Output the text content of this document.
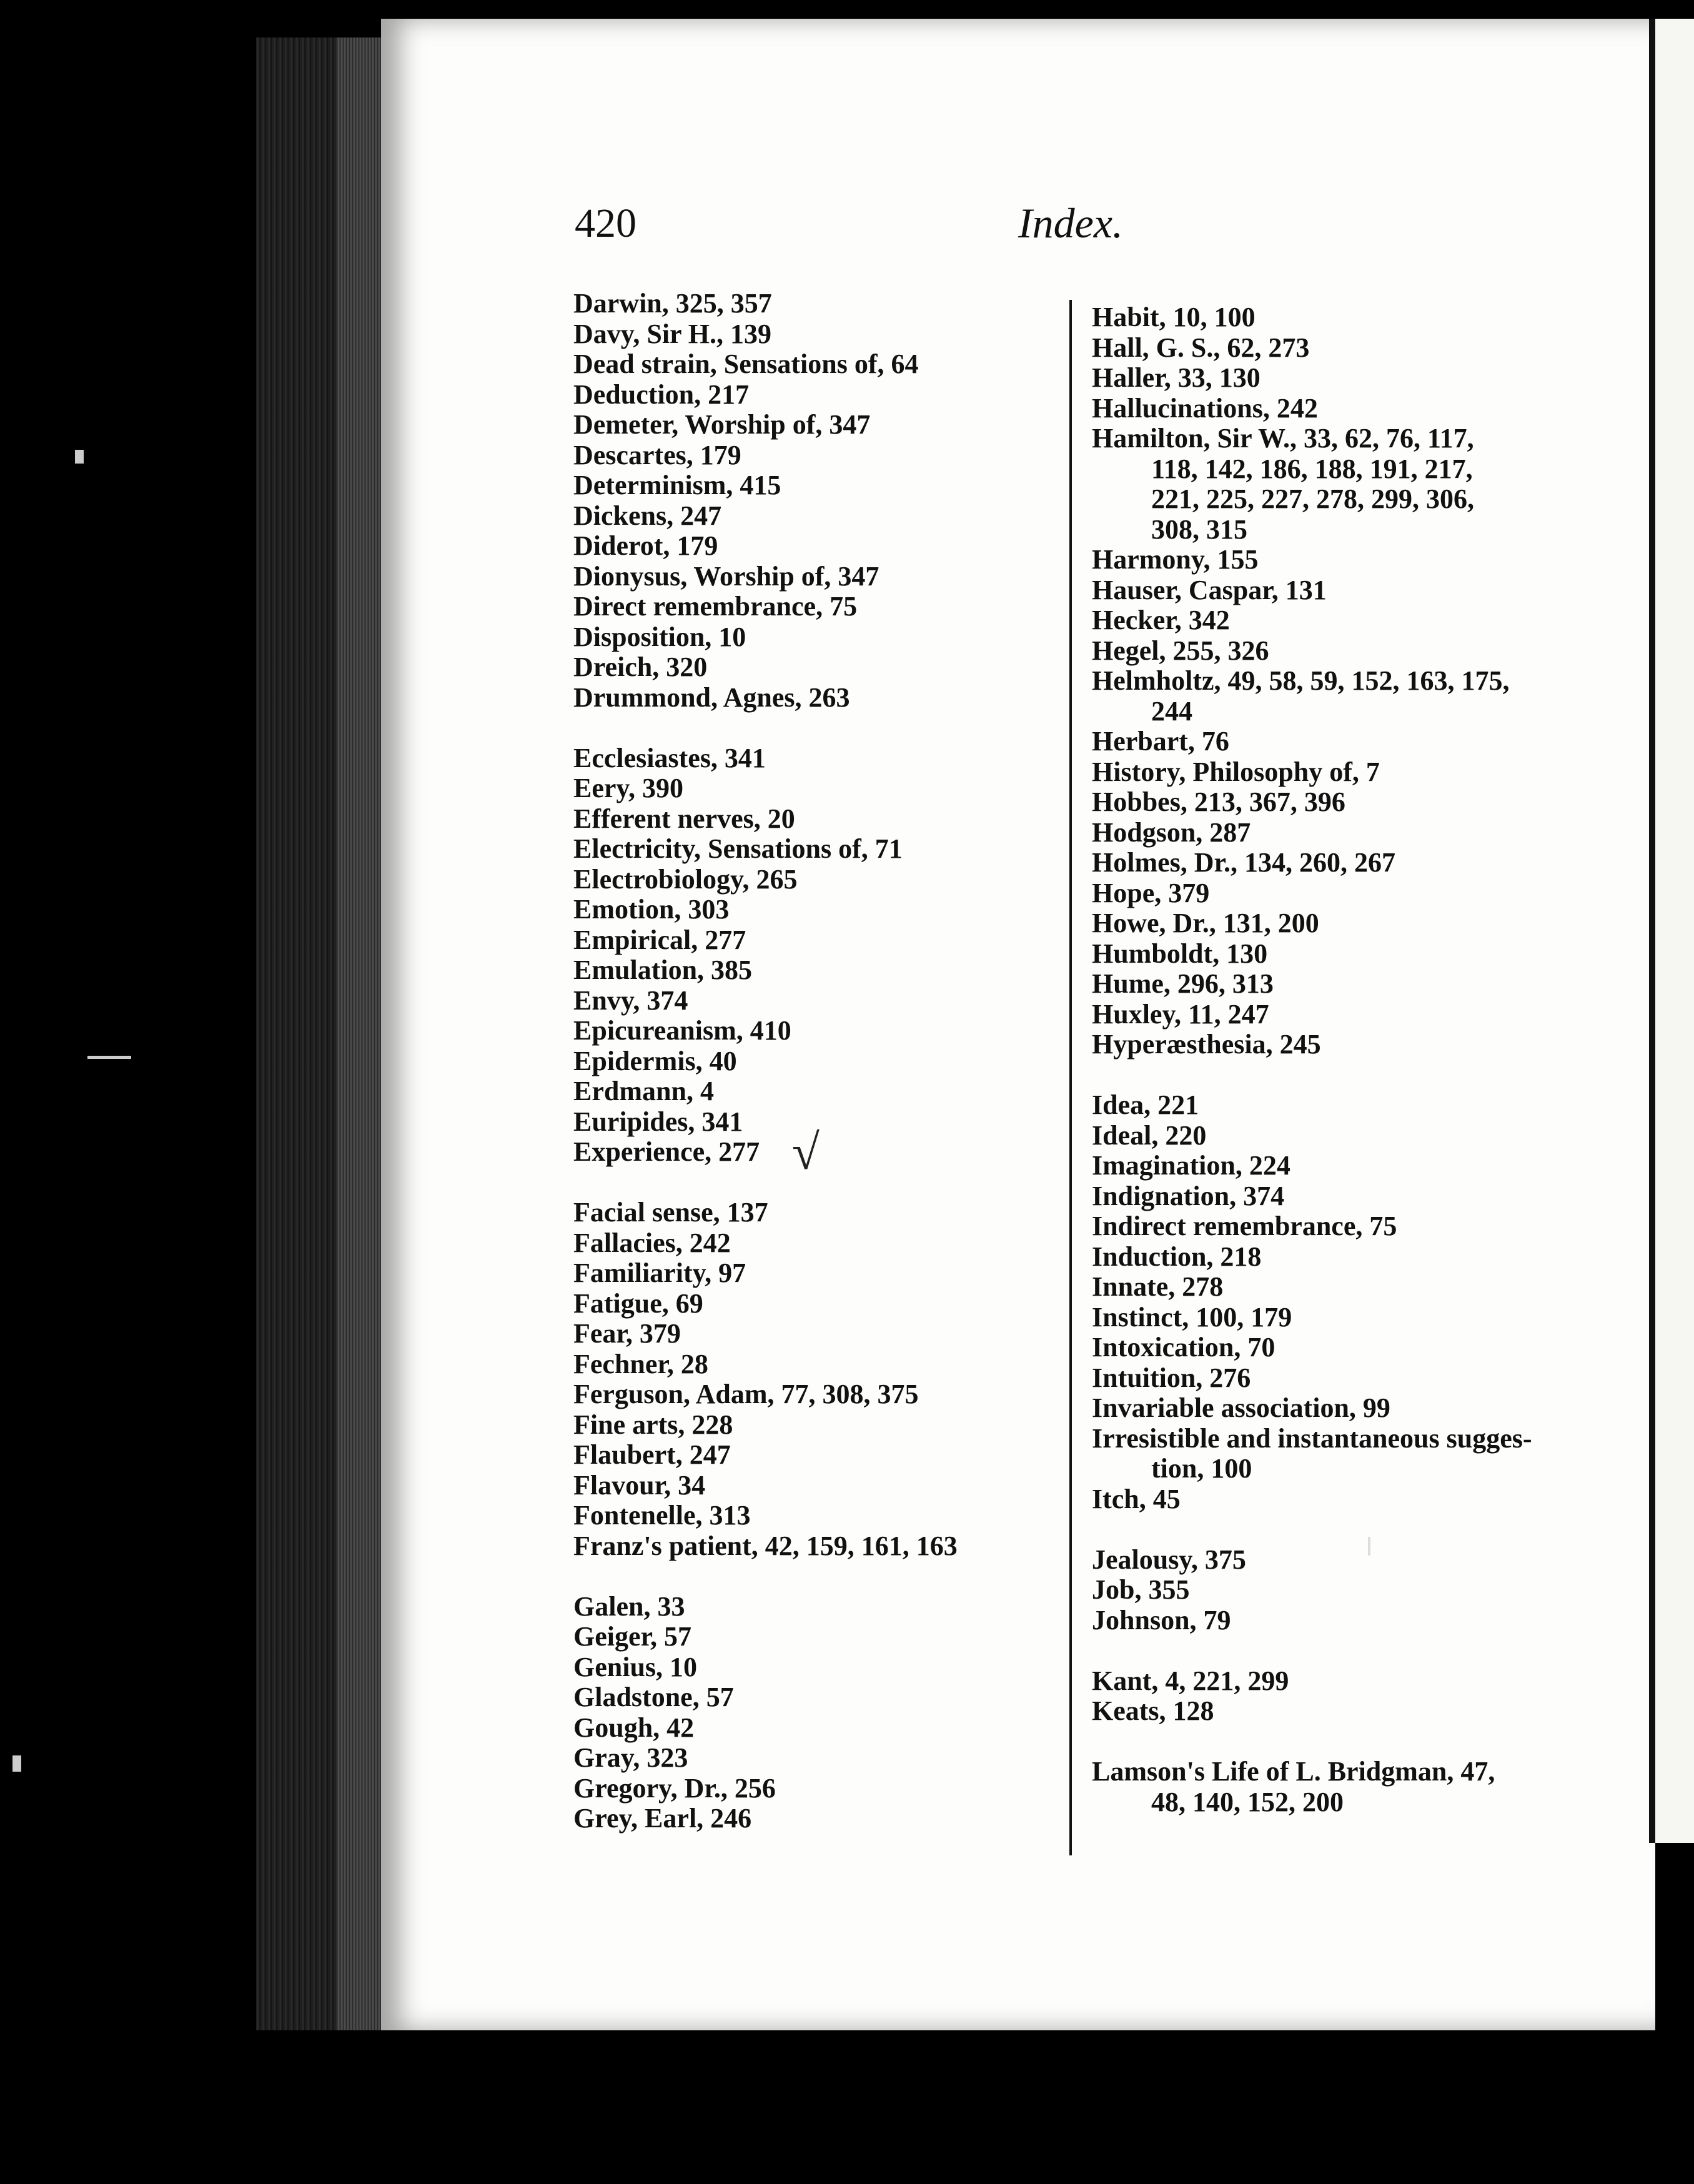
420	Index.
Darwin, 325, 357
Davy, Sir H., 139
Dead strain, Sensations of, 64
Deduction, 217
Demeter, Worship of, 347
Descartes, 179
Determinism, 415
Dickens, 247
Diderot, 179
Dionysus, Worship of, 347
Direct remembrance, 75
Disposition, 10
Dreich, 320
Drummond, Agnes, 263
Ecclesiastes, 341
Eery, 390
Efferent nerves, 20
Electricity, Sensations of, 71
Electrobiology, 265
Emotion, 303
Empirical, 277
Emulation, 385
Envy, 374
Epicureanism, 410
Epidermis, 40
Erdmann, 4
Euripides, 341
Experience, 277
Facial sense, 137
Fallacies, 242
Familiarity, 97
Fatigue, 69
Fear, 379
Fechner, 28
Ferguson, Adam, 77, 308, 375
Fine arts, 228
Flaubert, 247
Flavour, 34
Fontenelle, 313
Franz's patient, 42, 159, 161, 163
Galen, 33
Geiger, 57
Genius, 10
Gladstone, 57
Gough, 42
Gray, 323
Gregory, Dr., 256
Grey, Earl, 246
Habit, 10, 100
Hall, G. S., 62, 273
Haller, 33, 130
Hallucinations, 242
Hamilton, Sir W., 33, 62, 76, 117,
118, 142, 186, 188, 191, 217,
221, 225, 227, 278, 299, 306,
308, 315
Harmony, 155
Hauser, Caspar, 131
Hecker, 342
Hegel, 255, 326
Helmholtz, 49, 58, 59, 152, 163, 175,
244
Herbart, 76
History, Philosophy of, 7
Hobbes, 213, 367, 396
Hodgson, 287
Holmes, Dr., 134, 260, 267
Hope, 379
Howe, Dr., 131, 200
Humboldt, 130
Hume, 296, 313
Huxley, 11, 247
Hyperæsthesia, 245
Idea, 221
Ideal, 220
Imagination, 224
Indignation, 374
Indirect remembrance, 75
Induction, 218
Innate, 278
Instinct, 100, 179
Intoxication, 70
Intuition, 276
Invariable association, 99
Irresistible and instantaneous sugges-
tion, 100
Itch, 45
Jealousy, 375
Job, 355
Johnson, 79
Kant, 4, 221, 299
Keats, 128
Lamson's Life of L. Bridgman, 47,
48, 140, 152, 200
√
